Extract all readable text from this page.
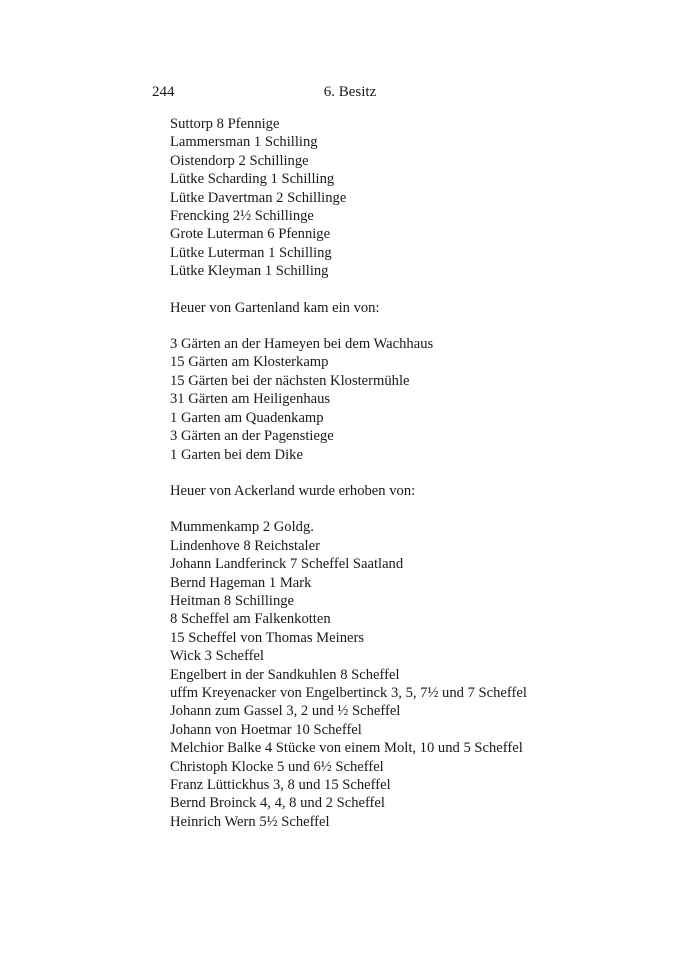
244	6. Besitz
Suttorp 8 Pfennige
Lammersman 1 Schilling
Oistendorp 2 Schillinge
Lütke Scharding 1 Schilling
Lütke Davertman 2 Schillinge
Frencking 2½ Schillinge
Grote Luterman 6 Pfennige
Lütke Luterman 1 Schilling
Lütke Kleyman 1 Schilling

Heuer von Gartenland kam ein von:

3 Gärten an der Hameyen bei dem Wachhaus
15 Gärten am Klosterkamp
15 Gärten bei der nächsten Klostermühle
31 Gärten am Heiligenhaus
1 Garten am Quadenkamp
3 Gärten an der Pagenstiege
1 Garten bei dem Dike

Heuer von Ackerland wurde erhoben von:

Mummenkamp 2 Goldg.
Lindenhove 8 Reichstaler
Johann Landferinck 7 Scheffel Saatland
Bernd Hageman 1 Mark
Heitman 8 Schillinge
8 Scheffel am Falkenkotten
15 Scheffel von Thomas Meiners
Wick 3 Scheffel
Engelbert in der Sandkuhlen 8 Scheffel
uffm Kreyenacker von Engelbertinck 3, 5, 7½ und 7 Scheffel
Johann zum Gassel 3, 2 und ½ Scheffel
Johann von Hoetmar 10 Scheffel
Melchior Balke 4 Stücke von einem Molt, 10 und 5 Scheffel
Christoph Klocke 5 und 6½ Scheffel
Franz Lüttickhus 3, 8 und 15 Scheffel
Bernd Broinck 4, 4, 8 und 2 Scheffel
Heinrich Wern 5½ Scheffel
